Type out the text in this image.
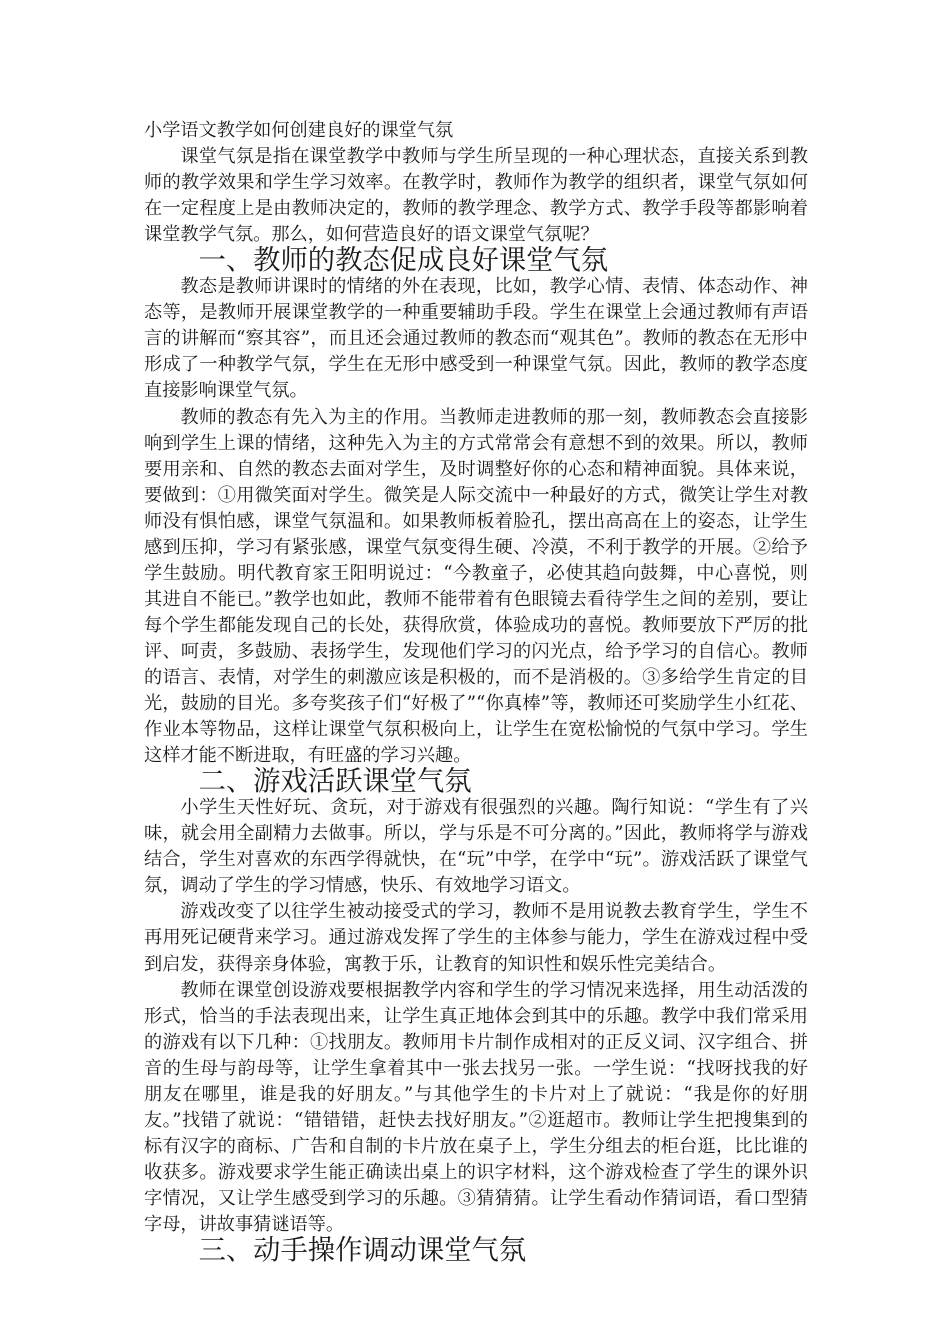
小学语文教学如何创建良好的课堂气氛

课堂气氛是指在课堂教学中教师与学生所呈现的一种心理状态，直接关系到教师的教学效果和学生学习效率。在教学时，教师作为教学的组织者，课堂气氛如何在一定程度上是由教师决定的，教师的教学理念、教学方式、教学手段等都影响着课堂教学气氛。那么，如何营造良好的语文课堂气氛呢？

一、教师的教态促成良好课堂气氛

教态是教师讲课时的情绪的外在表现，比如，教学心情、表情、体态动作、神态等，是教师开展课堂教学的一种重要辅助手段。学生在课堂上会通过教师有声语言的讲解而“察其容”，而且还会通过教师的教态而“观其色”。教师的教态在无形中形成了一种教学气氛，学生在无形中感受到一种课堂气氛。因此，教师的教学态度直接影响课堂气氛。

教师的教态有先入为主的作用。当教师走进教师的那一刻，教师教态会直接影响到学生上课的情绪，这种先入为主的方式常常会有意想不到的效果。所以，教师要用亲和、自然的教态去面对学生，及时调整好你的心态和精神面貌。具体来说，要做到：①用微笑面对学生。微笑是人际交流中一种最好的方式，微笑让学生对教师没有惧怕感，课堂气氛温和。如果教师板着脸孔，摆出高高在上的姿态，让学生感到压抑，学习有紧张感，课堂气氛变得生硬、冷漠，不利于教学的开展。②给予学生鼓励。明代教育家王阳明说过：“今教童子，必使其趋向鼓舞，中心喜悦，则其进自不能已。”教学也如此，教师不能带着有色眼镜去看待学生之间的差别，要让每个学生都能发现自己的长处，获得欣赏，体验成功的喜悦。教师要放下严厉的批评、呵责，多鼓励、表扬学生，发现他们学习的闪光点，给予学习的自信心。教师的语言、表情，对学生的刺激应该是积极的，而不是消极的。③多给学生肯定的目光，鼓励的目光。多夸奖孩子们“好极了”“你真棒”等，教师还可奖励学生小红花、作业本等物品，这样让课堂气氛积极向上，让学生在宽松愉悦的气氛中学习。学生这样才能不断进取，有旺盛的学习兴趣。

二、游戏活跃课堂气氛

小学生天性好玩、贪玩，对于游戏有很强烈的兴趣。陶行知说：“学生有了兴味，就会用全副精力去做事。所以，学与乐是不可分离的。”因此，教师将学与游戏结合，学生对喜欢的东西学得就快，在“玩”中学，在学中“玩”。游戏活跃了课堂气氛，调动了学生的学习情感，快乐、有效地学习语文。

游戏改变了以往学生被动接受式的学习，教师不是用说教去教育学生，学生不再用死记硬背来学习。通过游戏发挥了学生的主体参与能力，学生在游戏过程中受到启发，获得亲身体验，寓教于乐，让教育的知识性和娱乐性完美结合。

教师在课堂创设游戏要根据教学内容和学生的学习情况来选择，用生动活泼的形式，恰当的手法表现出来，让学生真正地体会到其中的乐趣。教学中我们常采用的游戏有以下几种：①找朋友。教师用卡片制作成相对的正反义词、汉字组合、拼音的生母与韵母等，让学生拿着其中一张去找另一张。一学生说：“找呀找我的好朋友在哪里，谁是我的好朋友。”与其他学生的卡片对上了就说：“我是你的好朋友。”找错了就说：“错错错，赶快去找好朋友。”②逛超市。教师让学生把搜集到的标有汉字的商标、广告和自制的卡片放在桌子上，学生分组去的柜台逛，比比谁的收获多。游戏要求学生能正确读出桌上的识字材料，这个游戏检查了学生的课外识字情况，又让学生感受到学习的乐趣。③猜猜猜。让学生看动作猜词语，看口型猜字母，讲故事猜谜语等。

三、动手操作调动课堂气氛
